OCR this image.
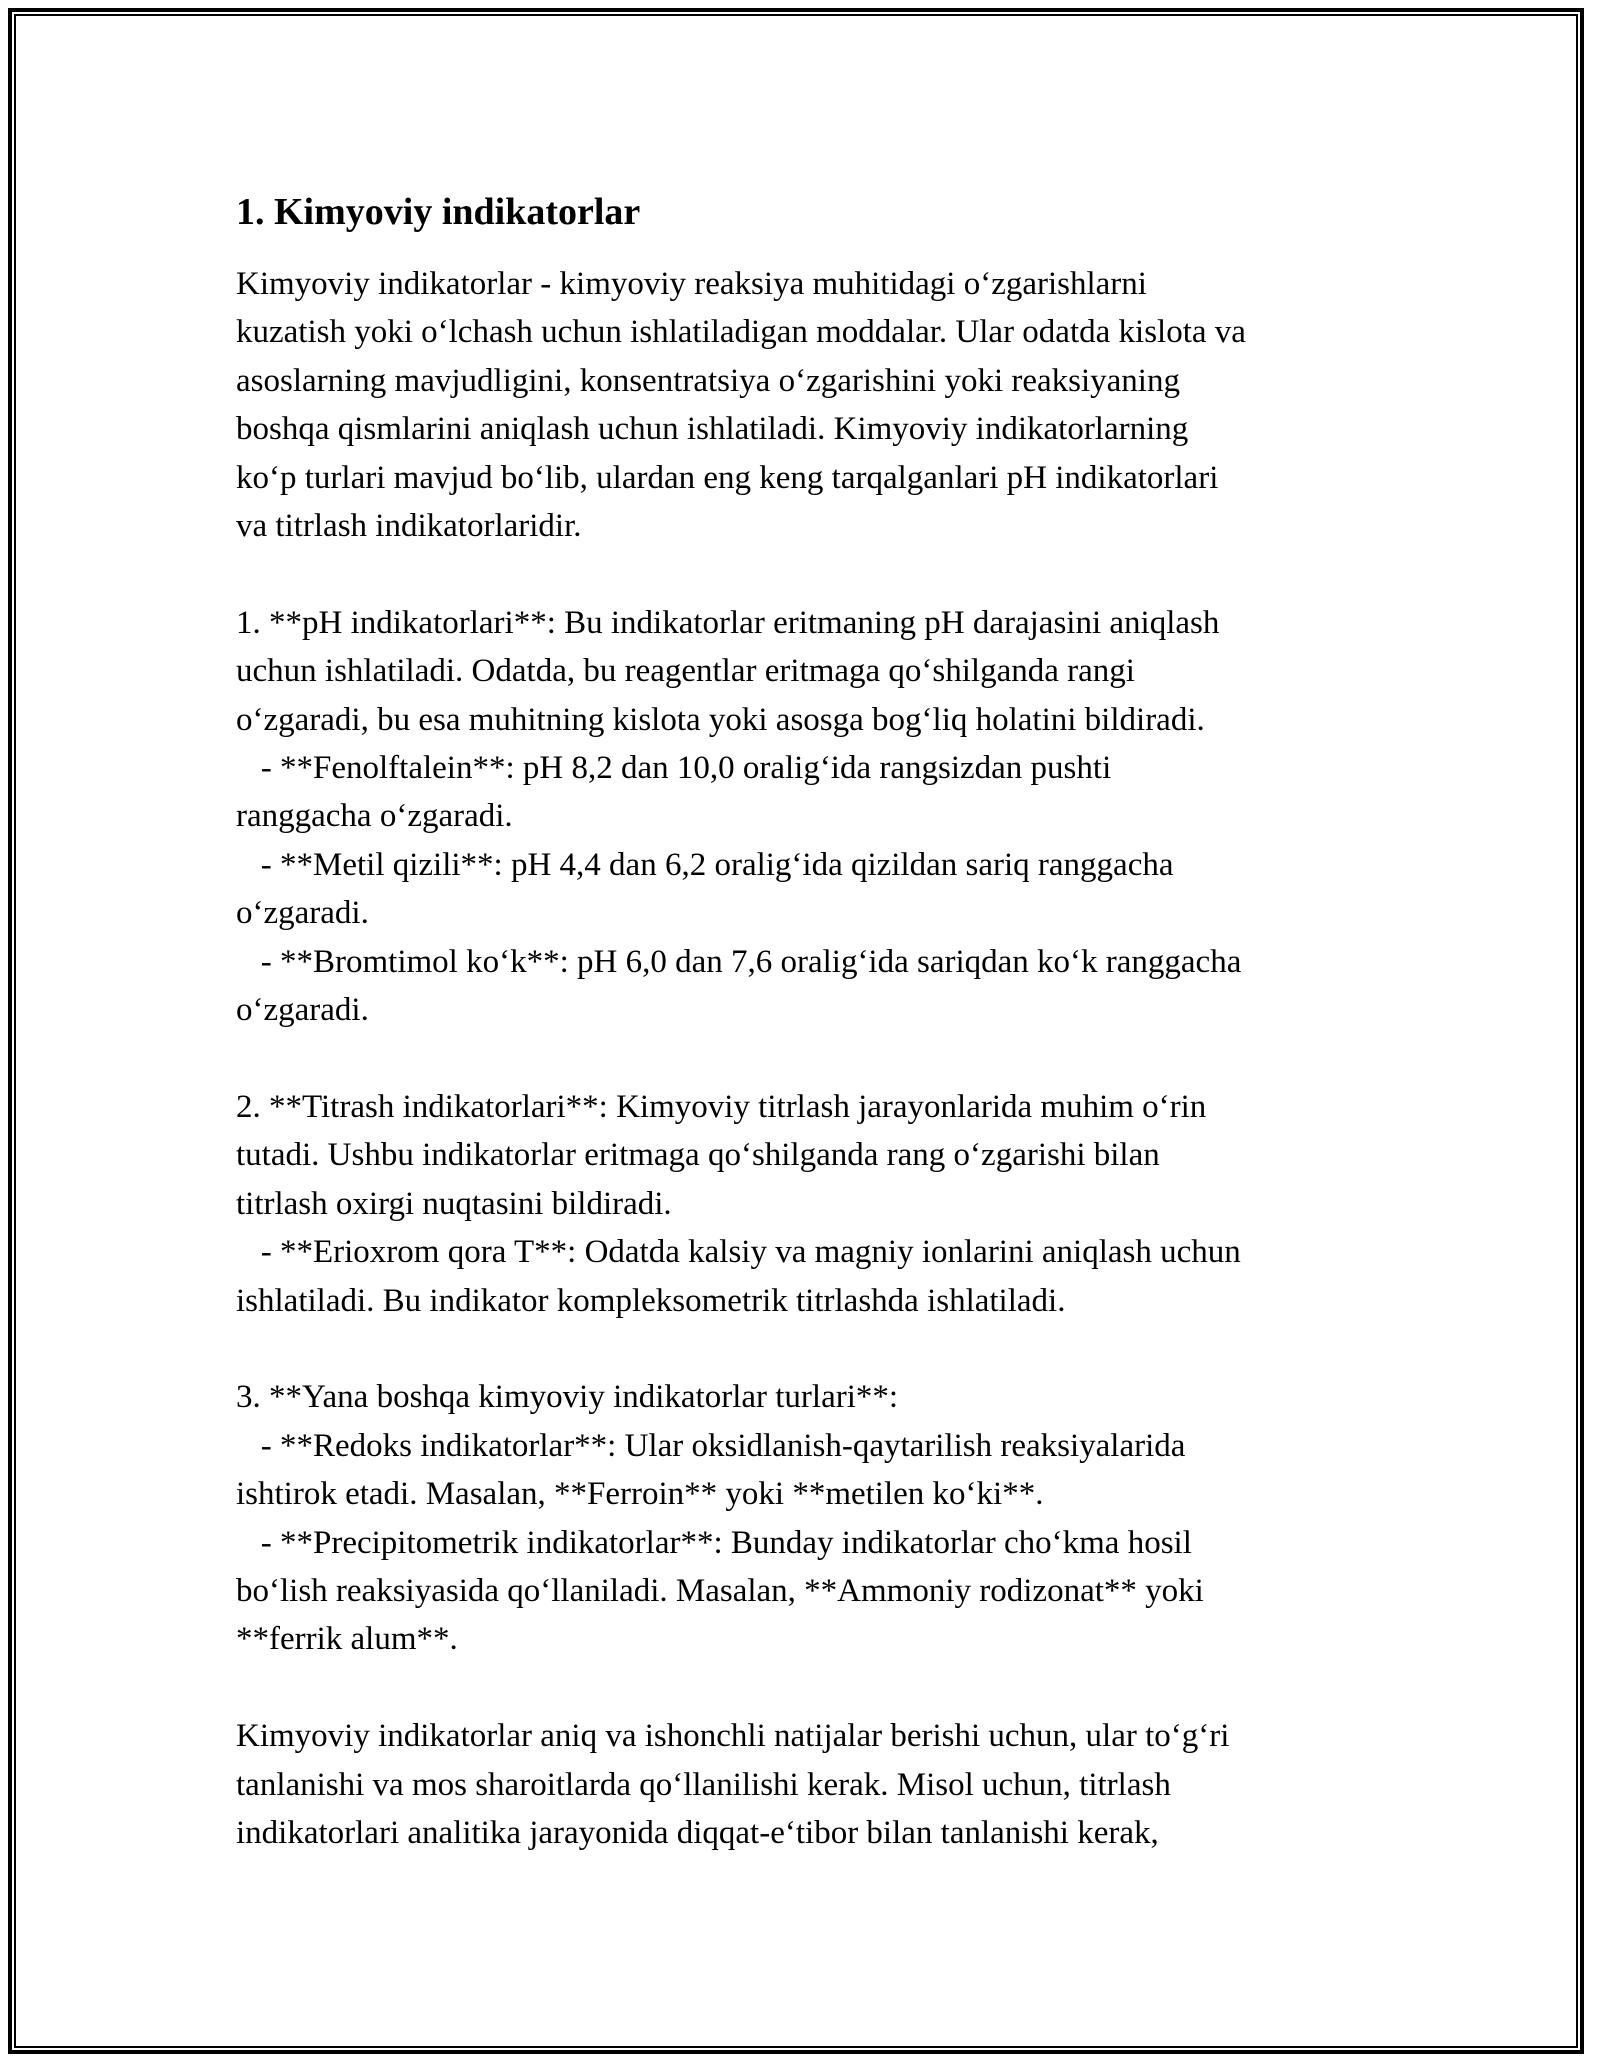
1. Kimyoviy indikatorlar
Kimyoviy indikatorlar - kimyoviy reaksiya muhitidagi o‘zgarishlarni
kuzatish yoki o‘lchash uchun ishlatiladigan moddalar. Ular odatda kislota va
asoslarning mavjudligini, konsentratsiya o‘zgarishini yoki reaksiyaning
boshqa qismlarini aniqlash uchun ishlatiladi. Kimyoviy indikatorlarning
ko‘p turlari mavjud bo‘lib, ulardan eng keng tarqalganlari pH indikatorlari
va titrlash indikatorlaridir.
1. **pH indikatorlari**: Bu indikatorlar eritmaning pH darajasini aniqlash
uchun ishlatiladi. Odatda, bu reagentlar eritmaga qo‘shilganda rangi
o‘zgaradi, bu esa muhitning kislota yoki asosga bog‘liq holatini bildiradi.
- **Fenolftalein**: pH 8,2 dan 10,0 oralig‘ida rangsizdan pushti
ranggacha o‘zgaradi.
- **Metil qizili**: pH 4,4 dan 6,2 oralig‘ida qizildan sariq ranggacha
o‘zgaradi.
- **Bromtimol ko‘k**: pH 6,0 dan 7,6 oralig‘ida sariqdan ko‘k ranggacha
o‘zgaradi.
2. **Titrash indikatorlari**: Kimyoviy titrlash jarayonlarida muhim o‘rin
tutadi. Ushbu indikatorlar eritmaga qo‘shilganda rang o‘zgarishi bilan
titrlash oxirgi nuqtasini bildiradi.
- **Erioxrom qora T**: Odatda kalsiy va magniy ionlarini aniqlash uchun
ishlatiladi. Bu indikator kompleksometrik titrlashda ishlatiladi.
3. **Yana boshqa kimyoviy indikatorlar turlari**:
- **Redoks indikatorlar**: Ular oksidlanish-qaytarilish reaksiyalarida
ishtirok etadi. Masalan, **Ferroin** yoki **metilen ko‘ki**.
- **Precipitometrik indikatorlar**: Bunday indikatorlar cho‘kma hosil
bo‘lish reaksiyasida qo‘llaniladi. Masalan, **Ammoniy rodizonat** yoki
**ferrik alum**.
Kimyoviy indikatorlar aniq va ishonchli natijalar berishi uchun, ular to‘g‘ri
tanlanishi va mos sharoitlarda qo‘llanilishi kerak. Misol uchun, titrlash
indikatorlari analitika jarayonida diqqat-e‘tibor bilan tanlanishi kerak,
